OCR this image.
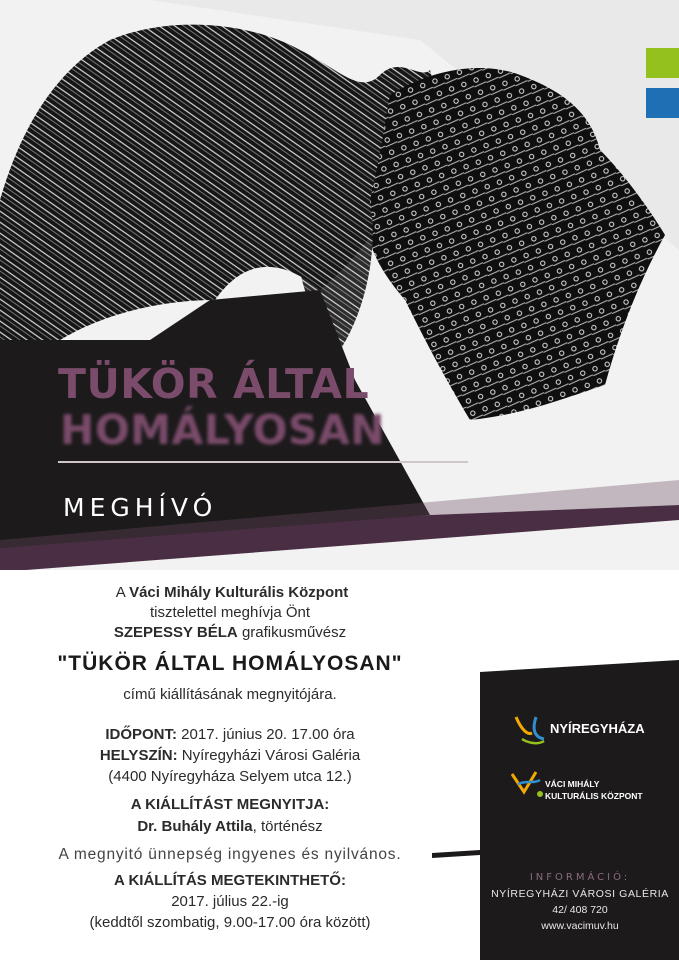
TÜKÖR ÁLTAL
HOMÁLYOSAN
MEGHÍVÓ
NYÍREGYHÁZA
VÁCI MIHÁLY
KULTURÁLIS KÖZPONT
INFORMÁCIÓ:
NYÍREGYHÁZI VÁROSI GALÉRIA
42/ 408 720
www.vacimuv.hu
A Váci Mihály Kulturális Központ
tisztelettel meghívja Önt
SZEPESSY BÉLA grafikusművész
"TÜKÖR ÁLTAL HOMÁLYOSAN"
című kiállításának megnyitójára.
IDŐPONT: 2017. június 20. 17.00 óra
HELYSZÍN: Nyíregyházi Városi Galéria
(4400 Nyíregyháza Selyem utca 12.)
A KIÁLLÍTÁST MEGNYITJA:
Dr. Buhály Attila, történész
A megnyitó ünnepség ingyenes és nyilvános.
A KIÁLLÍTÁS MEGTEKINTHETŐ:
2017. július 22.-ig
(keddtől szombatig, 9.00-17.00 óra között)
